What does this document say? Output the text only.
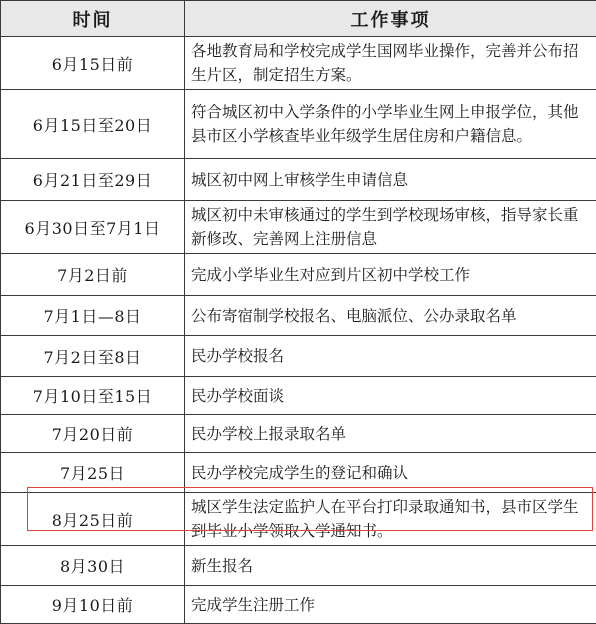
时间	工作事项
6月15日前	各地教育局和学校完成学生国网毕业操作，完善并公布招生片区，制定招生方案。
6月15日至20日	符合城区初中入学条件的小学毕业生网上申报学位，其他县市区小学核查毕业年级学生居住房和户籍信息。
6月21日至29日	城区初中网上审核学生申请信息
6月30日至7月1日	城区初中未审核通过的学生到学校现场审核，指导家长重新修改、完善网上注册信息
7月2日前	完成小学毕业生对应到片区初中学校工作
7月1日—8日	公布寄宿制学校报名、电脑派位、公办录取名单
7月2日至8日	民办学校报名
7月10日至15日	民办学校面谈
7月20日前	民办学校上报录取名单
7月25日	民办学校完成学生的登记和确认
8月25日前	城区学生法定监护人在平台打印录取通知书，县市区学生到毕业小学领取入学通知书。
8月30日	新生报名
9月10日前	完成学生注册工作
